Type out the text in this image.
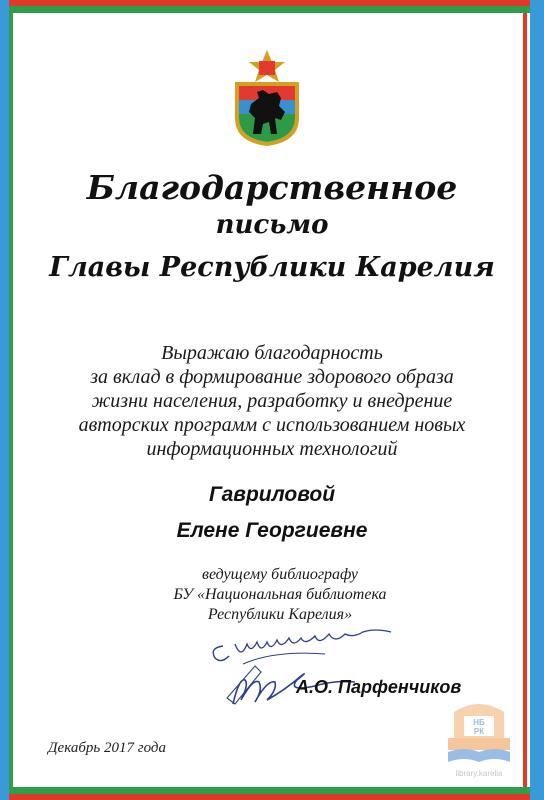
Благодарственное
письмо
Главы Республики Карелия
Выражаю благодарность
за вклад в формирование здорового образа
жизни населения, разработку и внедрение
авторских программ с использованием новых
информационных технологий
Гавриловой
Елене Георгиевне
ведущему библиографу
БУ «Национальная библиотека
Республики Карелия»
А.О. Парфенчиков
Декабрь 2017 года
НБ
РК
library.karelia
